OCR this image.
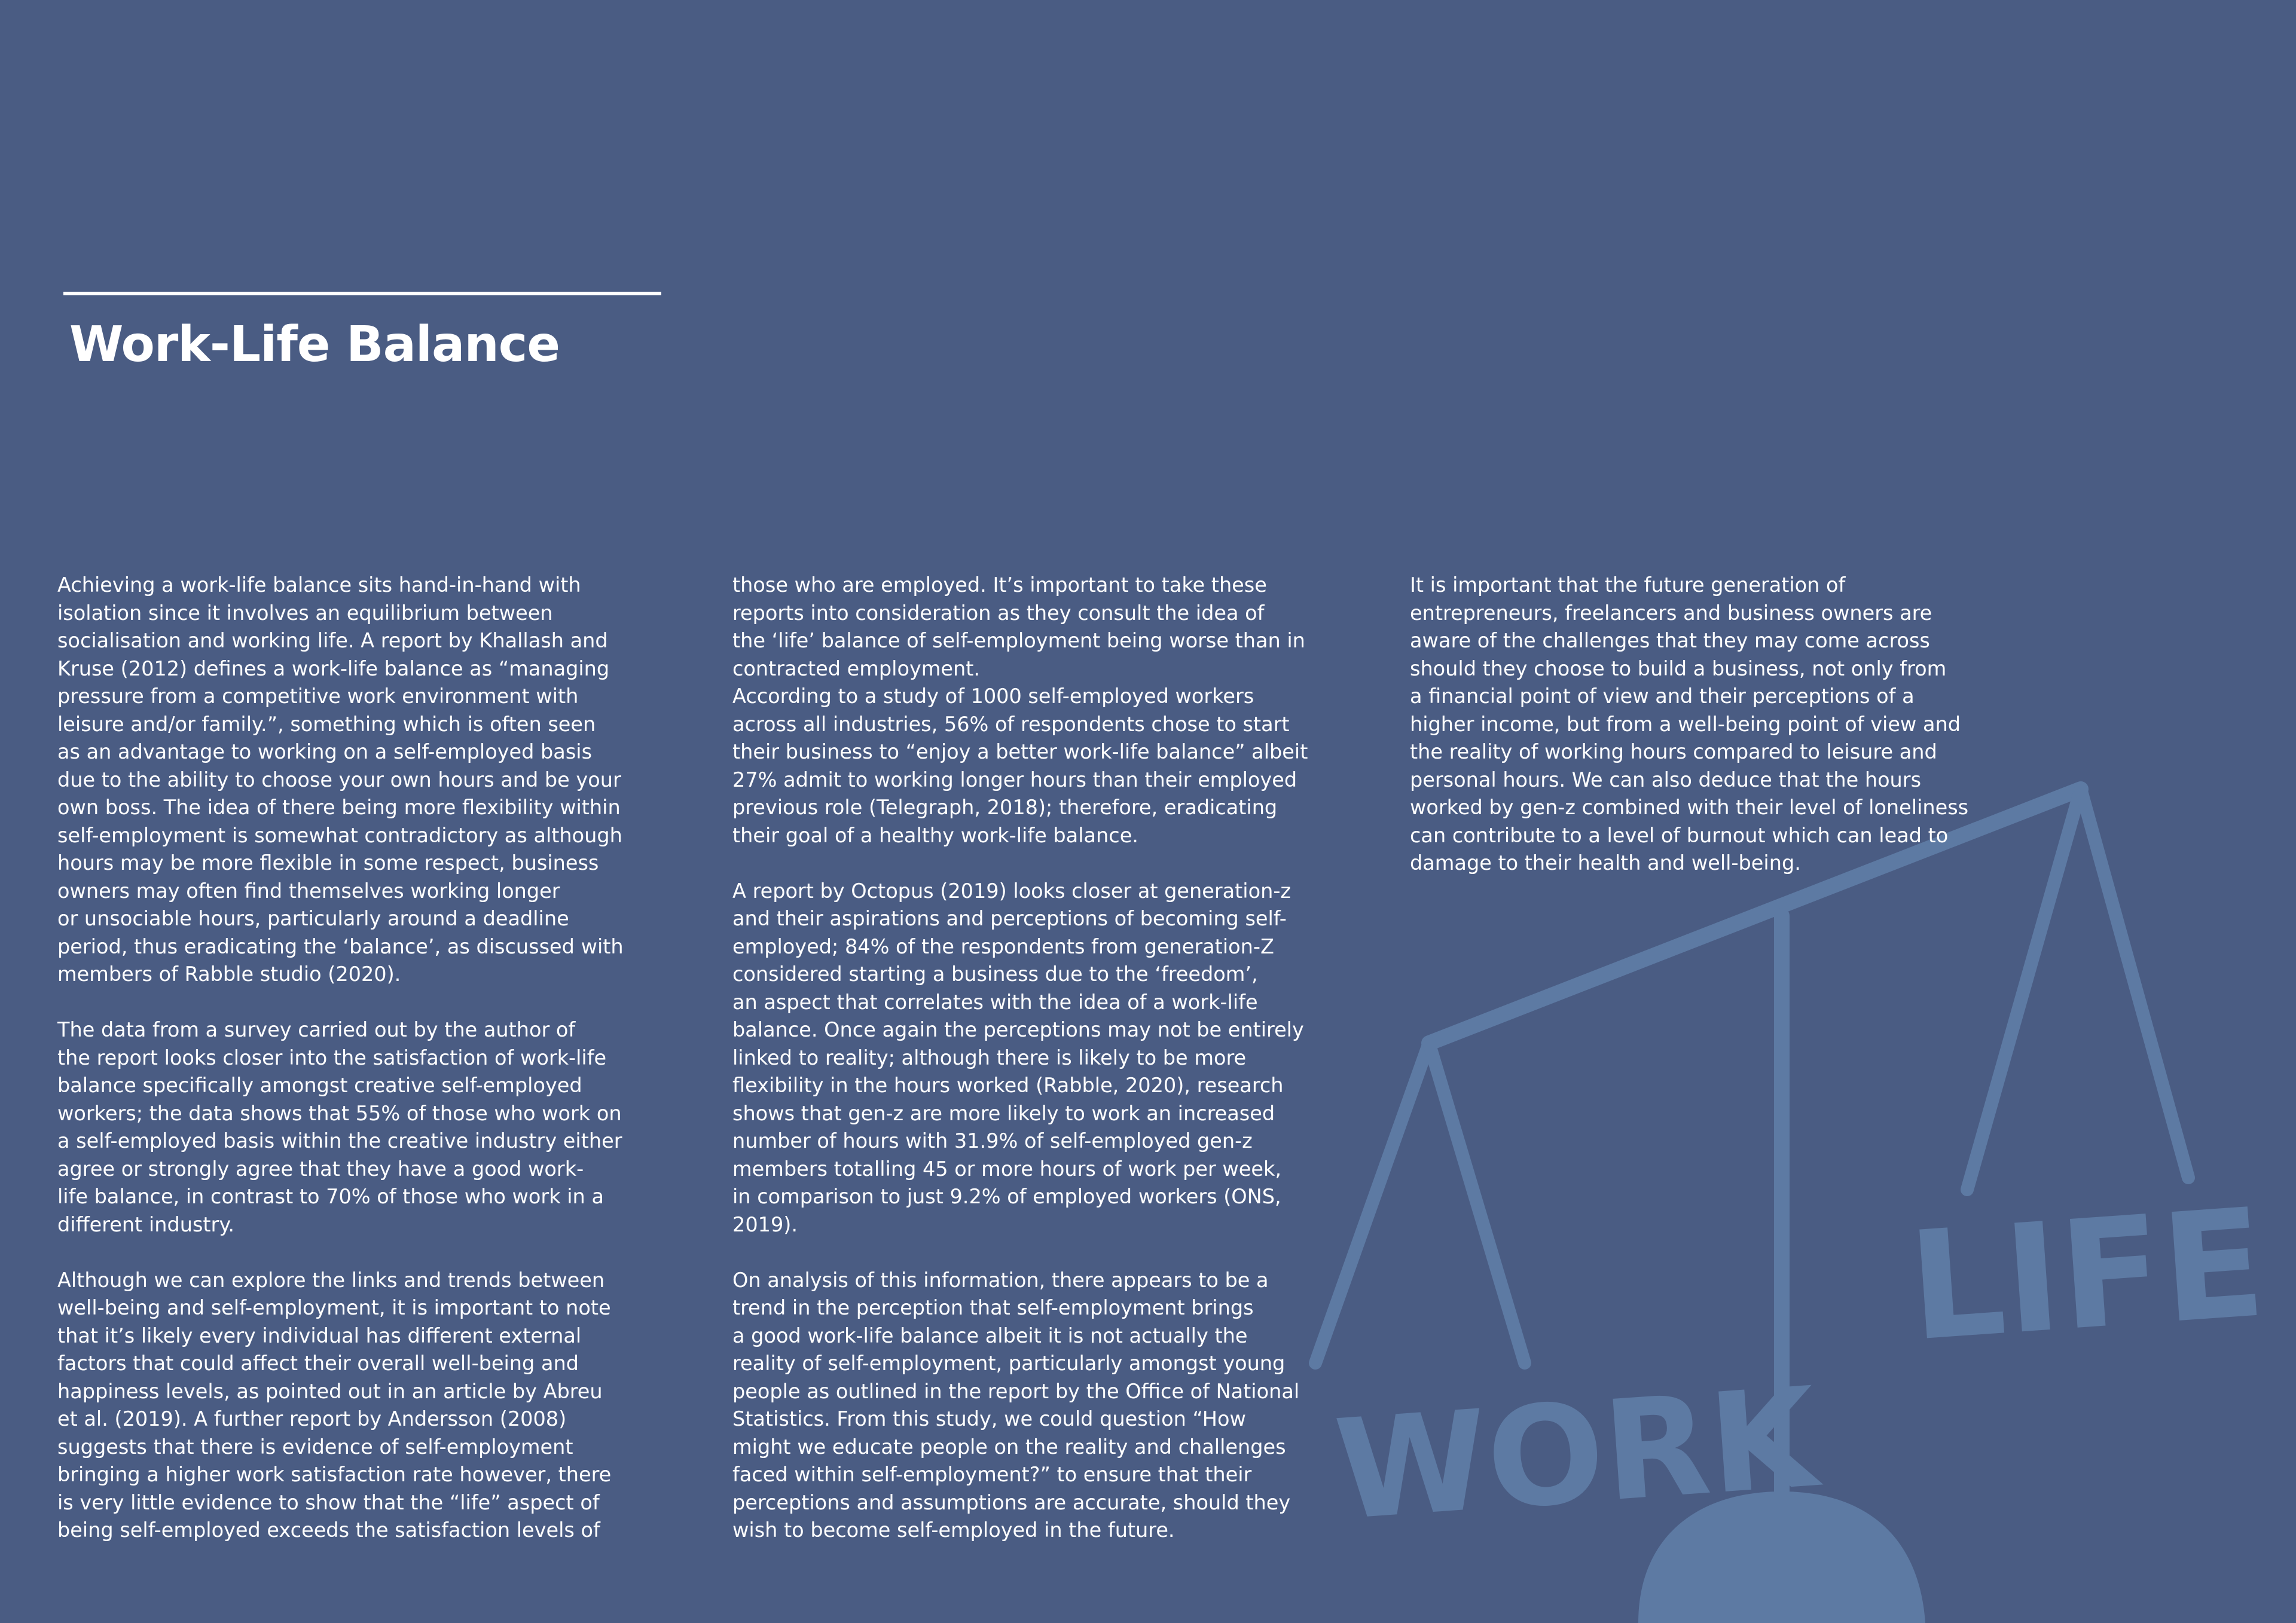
Work-Life Balance
WORK
LIFE

Achieving a work-life balance sits hand-in-hand with

isolation since it involves an equilibrium between

socialisation and working life. A report by Khallash and

Kruse (2012) defines a work-life balance as “managing

pressure from a competitive work environment with

leisure and/or family.”, something which is often seen

as an advantage to working on a self-employed basis

due to the ability to choose your own hours and be your

own boss. The idea of there being more flexibility within

self-employment is somewhat contradictory as although

hours may be more flexible in some respect, business

owners may often find themselves working longer

or unsociable hours, particularly around a deadline

period, thus eradicating the ‘balance’, as discussed with

members of Rabble studio (2020).

The data from a survey carried out by the author of

the report looks closer into the satisfaction of work-life

balance specifically amongst creative self-employed

workers; the data shows that 55% of those who work on

a self-employed basis within the creative industry either

agree or strongly agree that they have a good work-

life balance, in contrast to 70% of those who work in a

different industry.

Although we can explore the links and trends between

well-being and self-employment, it is important to note

that it’s likely every individual has different external

factors that could affect their overall well-being and

happiness levels, as pointed out in an article by Abreu

et al. (2019). A further report by Andersson (2008)

suggests that there is evidence of self-employment

bringing a higher work satisfaction rate however, there

is very little evidence to show that the “life” aspect of

being self-employed exceeds the satisfaction levels of

those who are employed. It’s important to take these

reports into consideration as they consult the idea of

the ‘life’ balance of self-employment being worse than in

contracted employment.

According to a study of 1000 self-employed workers

across all industries, 56% of respondents chose to start

their business to “enjoy a better work-life balance” albeit

27% admit to working longer hours than their employed

previous role (Telegraph, 2018); therefore, eradicating

their goal of a healthy work-life balance.

A report by Octopus (2019) looks closer at generation-z

and their aspirations and perceptions of becoming self-

employed; 84% of the respondents from generation-Z

considered starting a business due to the ‘freedom’,

an aspect that correlates with the idea of a work-life

balance. Once again the perceptions may not be entirely

linked to reality; although there is likely to be more

flexibility in the hours worked (Rabble, 2020), research

shows that gen-z are more likely to work an increased

number of hours with 31.9% of self-employed gen-z

members totalling 45 or more hours of work per week,

in comparison to just 9.2% of employed workers (ONS,

2019).

On analysis of this information, there appears to be a

trend in the perception that self-employment brings

a good work-life balance albeit it is not actually the

reality of self-employment, particularly amongst young

people as outlined in the report by the Office of National

Statistics. From this study, we could question “How

might we educate people on the reality and challenges

faced within self-employment?” to ensure that their

perceptions and assumptions are accurate, should they

wish to become self-employed in the future.

It is important that the future generation of

entrepreneurs, freelancers and business owners are

aware of the challenges that they may come across

should they choose to build a business, not only from

a financial point of view and their perceptions of a

higher income, but from a well-being point of view and

the reality of working hours compared to leisure and

personal hours. We can also deduce that the hours

worked by gen-z combined with their level of loneliness

can contribute to a level of burnout which can lead to

damage to their health and well-being.
